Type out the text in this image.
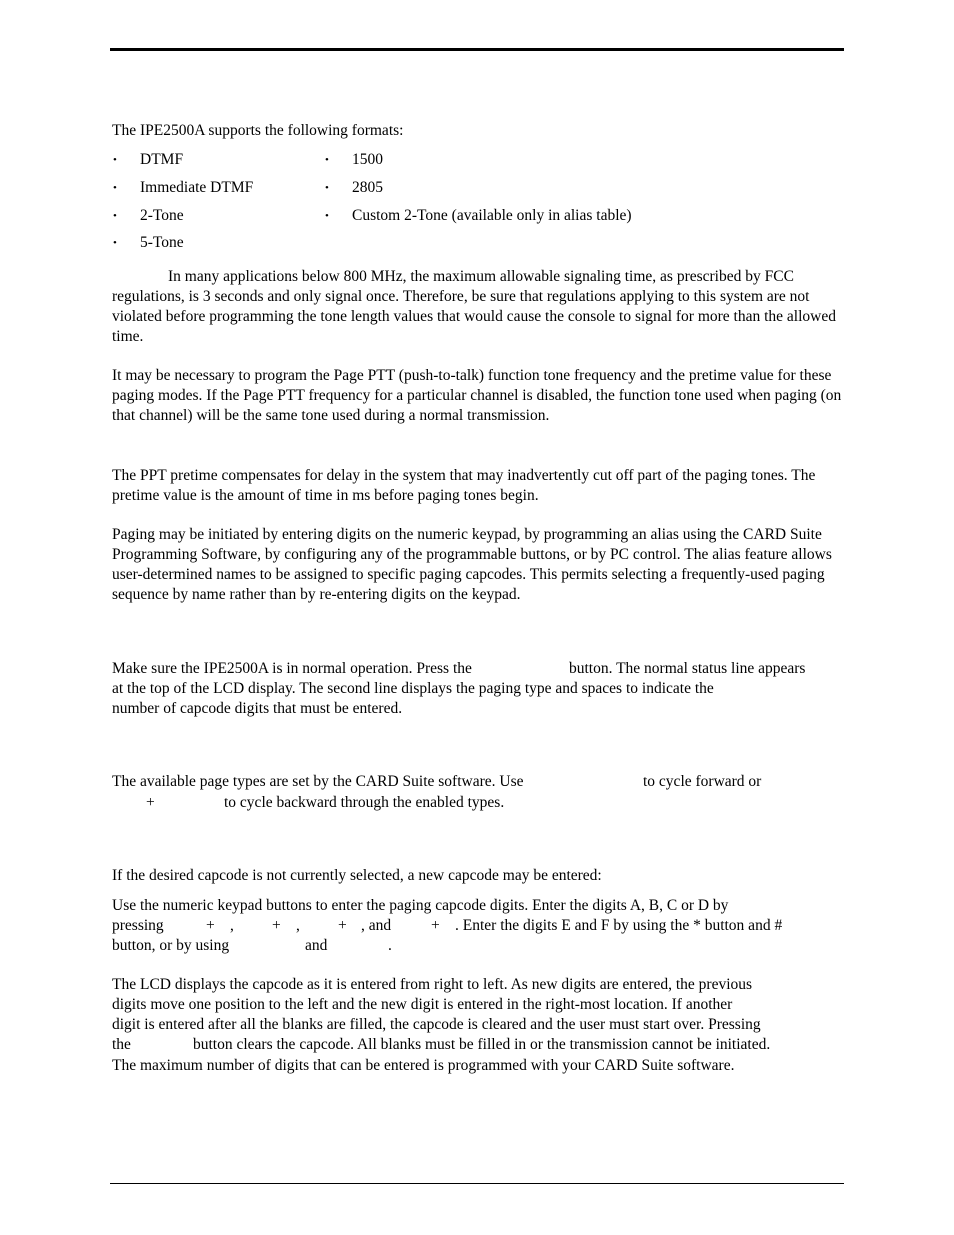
The IPE2500A supports the following formats:

• DTMF
• Immediate DTMF
• 2-Tone
• 5-Tone
• 1500
• 2805
• Custom 2-Tone (available only in alias table)

In many applications below 800 MHz, the maximum allowable signaling time, as prescribed by FCC regulations, is 3 seconds and only signal once. Therefore, be sure that regulations applying to this system are not violated before programming the tone length values that would cause the console to signal for more than the allowed time.

It may be necessary to program the Page PTT (push-to-talk) function tone frequency and the pretime value for these paging modes. If the Page PTT frequency for a particular channel is disabled, the function tone used when paging (on that channel) will be the same tone used during a normal transmission.

The PPT pretime compensates for delay in the system that may inadvertently cut off part of the paging tones. The pretime value is the amount of time in ms before paging tones begin.

Paging may be initiated by entering digits on the numeric keypad, by programming an alias using the CARD Suite Programming Software, by configuring any of the programmable buttons, or by PC control. The alias feature allows user-determined names to be assigned to specific paging capcodes. This permits selecting a frequently-used paging sequence by name rather than by re-entering digits on the keypad.

Make sure the IPE2500A is in normal operation. Press the	button. The normal status line appears
at the top of the LCD display. The second line displays the paging type and spaces to indicate the
number of capcode digits that must be entered.
The available page types are set by the CARD Suite software. Use	to cycle forward or
+	to cycle backward through the enabled types.

If the desired capcode is not currently selected, a new capcode may be entered:

Use the numeric keypad buttons to enter the paging capcode digits. Enter the digits A, B, C or D by
pressing	+ , + , + , and	+ . Enter the digits E and F by using the * button and #
button, or by using	and	.
The LCD displays the capcode as it is entered from right to left. As new digits are entered, the previous
digits move one position to the left and the new digit is entered in the right-most location. If another
digit is entered after all the blanks are filled, the capcode is cleared and the user must start over. Pressing
the	button clears the capcode. All blanks must be filled in or the transmission cannot be initiated.
The maximum number of digits that can be entered is programmed with your CARD Suite software.
